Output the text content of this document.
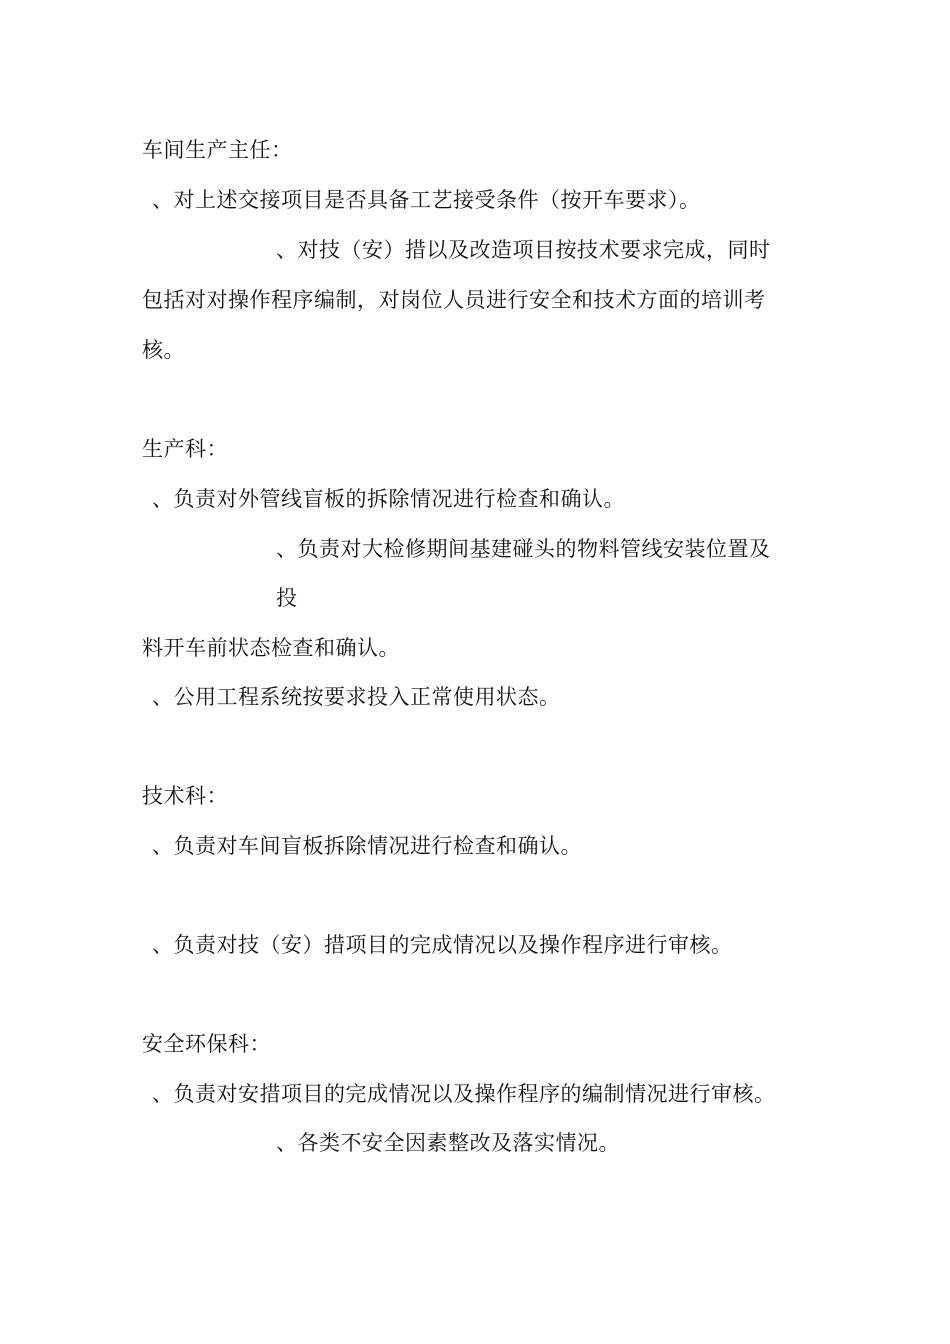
车间生产主任：
、对上述交接项目是否具备工艺接受条件（按开车要求）。
、对技（安）措以及改造项目按技术要求完成，同时
包括对对操作程序编制，对岗位人员进行安全和技术方面的培训考
核。
生产科：
、负责对外管线盲板的拆除情况进行检查和确认。
、负责对大检修期间基建碰头的物料管线安装位置及
投
料开车前状态检查和确认。
、公用工程系统按要求投入正常使用状态。
技术科：
、负责对车间盲板拆除情况进行检查和确认。
、负责对技（安）措项目的完成情况以及操作程序进行审核。
安全环保科：
、负责对安措项目的完成情况以及操作程序的编制情况进行审核。
、各类不安全因素整改及落实情况。
